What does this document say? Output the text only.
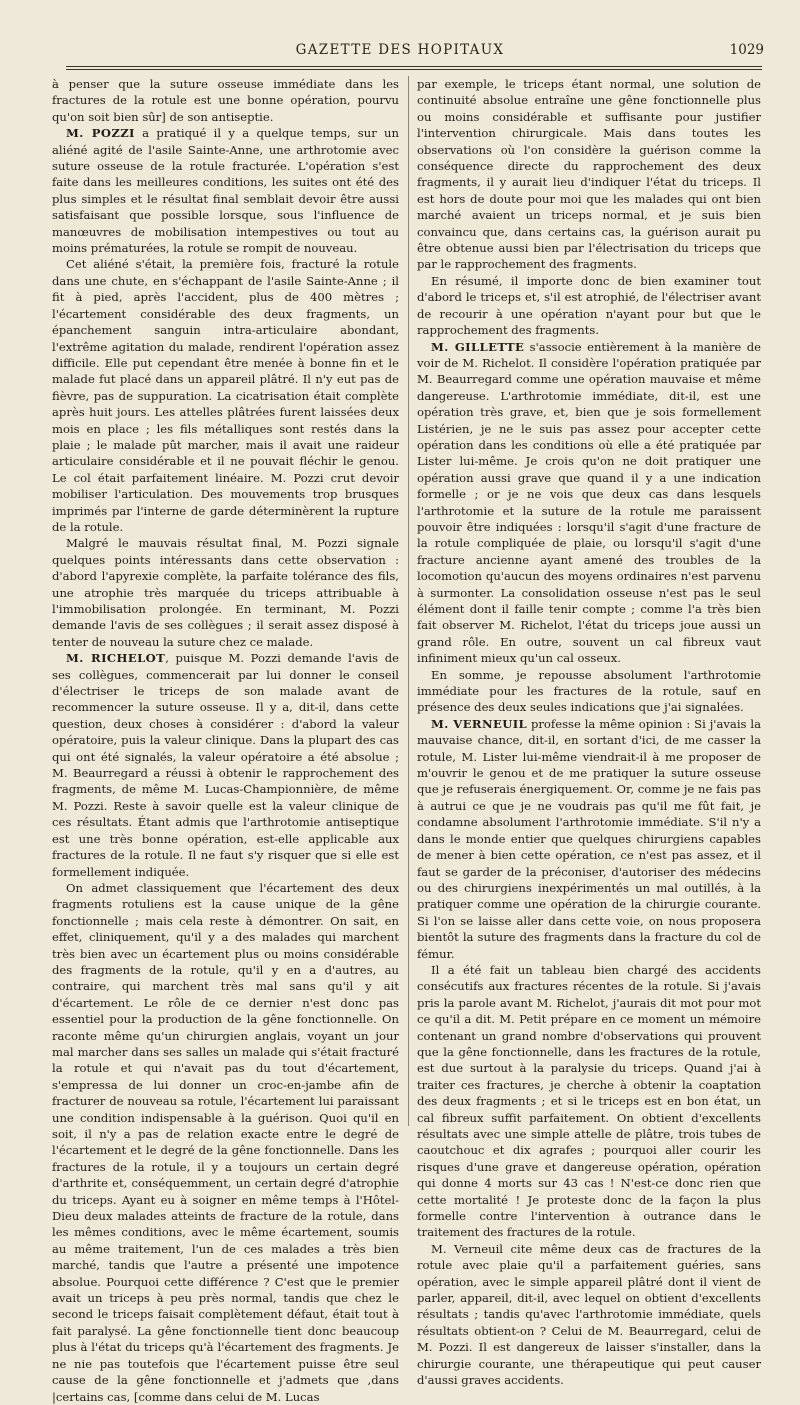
GAZETTE DES HOPITAUX	1029

à penser que la suture osseuse immédiate dans les fractures de la rotule est une bonne opération, pourvu qu'on soit bien sûr] de son antiseptie.

M. POZZI a pratiqué il y a quelque temps, sur un aliéné agité de l'asile Sainte-Anne, une arthrotomie avec suture osseuse de la rotule fracturée. L'opération s'est faite dans les meilleures conditions, les suites ont été des plus simples et le résultat final semblait devoir être aussi satisfaisant que possible lorsque, sous l'influence de manœuvres de mobilisation intempestives ou tout au moins prématurées, la rotule se rompit de nouveau.

Cet aliéné s'était, la première fois, fracturé la rotule dans une chute, en s'échappant de l'asile Sainte-Anne ; il fit à pied, après l'accident, plus de 400 mètres ; l'écartement considérable des deux fragments, un épanchement sanguin intra-articulaire abondant, l'extrême agitation du malade, rendirent l'opération assez difficile. Elle put cependant être menée à bonne fin et le malade fut placé dans un appareil plâtré. Il n'y eut pas de fièvre, pas de suppuration. La cicatrisation était complète après huit jours. Les attelles plâtrées furent laissées deux mois en place ; les fils métalliques sont restés dans la plaie ; le malade pût marcher, mais il avait une raideur articulaire considérable et il ne pouvait fléchir le genou. Le col était parfaitement linéaire. M. Pozzi crut devoir mobiliser l'articulation. Des mouvements trop brusques imprimés par l'interne de garde déterminèrent la rupture de la rotule.

Malgré le mauvais résultat final, M. Pozzi signale quelques points intéressants dans cette observation : d'abord l'apyrexie complète, la parfaite tolérance des fils, une atrophie très marquée du triceps attribuable à l'immobilisation prolongée. En terminant, M. Pozzi demande l'avis de ses collègues ; il serait assez disposé à tenter de nouveau la suture chez ce malade.

M. RICHELOT, puisque M. Pozzi demande l'avis de ses collègues, commencerait par lui donner le conseil d'électriser le triceps de son malade avant de recommencer la suture osseuse. Il y a, dit-il, dans cette question, deux choses à considérer : d'abord la valeur opératoire, puis la valeur clinique. Dans la plupart des cas qui ont été signalés, la valeur opératoire a été absolue ; M. Beaurregard a réussi à obtenir le rapprochement des fragments, de même M. Lucas-Championnière, de même M. Pozzi. Reste à savoir quelle est la valeur clinique de ces résultats. Étant admis que l'arthrotomie antiseptique est une très bonne opération, est-elle applicable aux fractures de la rotule. Il ne faut s'y risquer que si elle est formellement indiquée.

On admet classiquement que l'écartement des deux fragments rotuliens est la cause unique de la gêne fonctionnelle ; mais cela reste à démontrer. On sait, en effet, cliniquement, qu'il y a des malades qui marchent très bien avec un écartement plus ou moins considérable des fragments de la rotule, qu'il y en a d'autres, au contraire, qui marchent très mal sans qu'il y ait d'écartement. Le rôle de ce dernier n'est donc pas essentiel pour la production de la gêne fonctionnelle. On raconte même qu'un chirurgien anglais, voyant un jour mal marcher dans ses salles un malade qui s'était fracturé la rotule et qui n'avait pas du tout d'écartement, s'empressa de lui donner un croc-en-jambe afin de fracturer de nouveau sa rotule, l'écartement lui paraissant une condition indispensable à la guérison. Quoi qu'il en soit, il n'y a pas de relation exacte entre le degré de l'écartement et le degré de la gêne fonctionnelle. Dans les fractures de la rotule, il y a toujours un certain degré d'arthrite et, conséquemment, un certain degré d'atrophie du triceps. Ayant eu à soigner en même temps à l'Hôtel-Dieu deux malades atteints de fracture de la rotule, dans les mêmes conditions, avec le même écartement, soumis au même traitement, l'un de ces malades a très bien marché, tandis que l'autre a présenté une impotence absolue. Pourquoi cette différence ? C'est que le premier avait un triceps à peu près normal, tandis que chez le second le triceps faisait complètement défaut, était tout à fait paralysé. La gêne fonctionnelle tient donc beaucoup plus à l'état du triceps qu'à l'écartement des fragments. Je ne nie pas toutefois que l'écartement puisse être seul cause de la gêne fonctionnelle et j'admets que ,dans |certains cas, [comme dans celui de M. Lucas

par exemple, le triceps étant normal, une solution de continuité absolue entraîne une gêne fonctionnelle plus ou moins considérable et suffisante pour justifier l'intervention chirurgicale. Mais dans toutes les observations où l'on considère la guérison comme la conséquence directe du rapprochement des deux fragments, il y aurait lieu d'indiquer l'état du triceps. Il est hors de doute pour moi que les malades qui ont bien marché avaient un triceps normal, et je suis bien convaincu que, dans certains cas, la guérison aurait pu être obtenue aussi bien par l'électrisation du triceps que par le rapprochement des fragments.

En résumé, il importe donc de bien examiner tout d'abord le triceps et, s'il est atrophié, de l'électriser avant de recourir à une opération n'ayant pour but que le rapprochement des fragments.

M. GILLETTE s'associe entièrement à la manière de voir de M. Richelot. Il considère l'opération pratiquée par M. Beaurregard comme une opération mauvaise et même dangereuse. L'arthrotomie immédiate, dit-il, est une opération très grave, et, bien que je sois formellement Listérien, je ne le suis pas assez pour accepter cette opération dans les conditions où elle a été pratiquée par Lister lui-même. Je crois qu'on ne doit pratiquer une opération aussi grave que quand il y a une indication formelle ; or je ne vois que deux cas dans lesquels l'arthrotomie et la suture de la rotule me paraissent pouvoir être indiquées : lorsqu'il s'agit d'une fracture de la rotule compliquée de plaie, ou lorsqu'il s'agit d'une fracture ancienne ayant amené des troubles de la locomotion qu'aucun des moyens ordinaires n'est parvenu à surmonter. La consolidation osseuse n'est pas le seul élément dont il faille tenir compte ; comme l'a très bien fait observer M. Richelot, l'état du triceps joue aussi un grand rôle. En outre, souvent un cal fibreux vaut infiniment mieux qu'un cal osseux.

En somme, je repousse absolument l'arthrotomie immédiate pour les fractures de la rotule, sauf en présence des deux seules indications que j'ai signalées.

M. VERNEUIL professe la même opinion : Si j'avais la mauvaise chance, dit-il, en sortant d'ici, de me casser la rotule, M. Lister lui-même viendrait-il à me proposer de m'ouvrir le genou et de me pratiquer la suture osseuse que je refuserais énergiquement. Or, comme je ne fais pas à autrui ce que je ne voudrais pas qu'il me fût fait, je condamne absolument l'arthrotomie immédiate. S'il n'y a dans le monde entier que quelques chirurgiens capables de mener à bien cette opération, ce n'est pas assez, et il faut se garder de la préconiser, d'autoriser des médecins ou des chirurgiens inexpérimentés un mal outillés, à la pratiquer comme une opération de la chirurgie courante. Si l'on se laisse aller dans cette voie, on nous proposera bientôt la suture des fragments dans la fracture du col de fémur.

Il a été fait un tableau bien chargé des accidents consécutifs aux fractures récentes de la rotule. Si j'avais pris la parole avant M. Richelot, j'aurais dit mot pour mot ce qu'il a dit. M. Petit prépare en ce moment un mémoire contenant un grand nombre d'observations qui prouvent que la gêne fonctionnelle, dans les fractures de la rotule, est due surtout à la paralysie du triceps. Quand j'ai à traiter ces fractures, je cherche à obtenir la coaptation des deux fragments ; et si le triceps est en bon état, un cal fibreux suffit parfaitement. On obtient d'excellents résultats avec une simple attelle de plâtre, trois tubes de caoutchouc et dix agrafes ; pourquoi aller courir les risques d'une grave et dangereuse opération, opération qui donne 4 morts sur 43 cas ! N'est-ce donc rien que cette mortalité ! Je proteste donc de la façon la plus formelle contre l'intervention à outrance dans le traitement des fractures de la rotule.

M. Verneuil cite même deux cas de fractures de la rotule avec plaie qu'il a parfaitement guéries, sans opération, avec le simple appareil plâtré dont il vient de parler, appareil, dit-il, avec lequel on obtient d'excellents résultats ; tandis qu'avec l'arthrotomie immédiate, quels résultats obtient-on ? Celui de M. Beaurregard, celui de M. Pozzi. Il est dangereux de laisser s'installer, dans la chirurgie courante, une thérapeutique qui peut causer d'aussi graves accidents.
